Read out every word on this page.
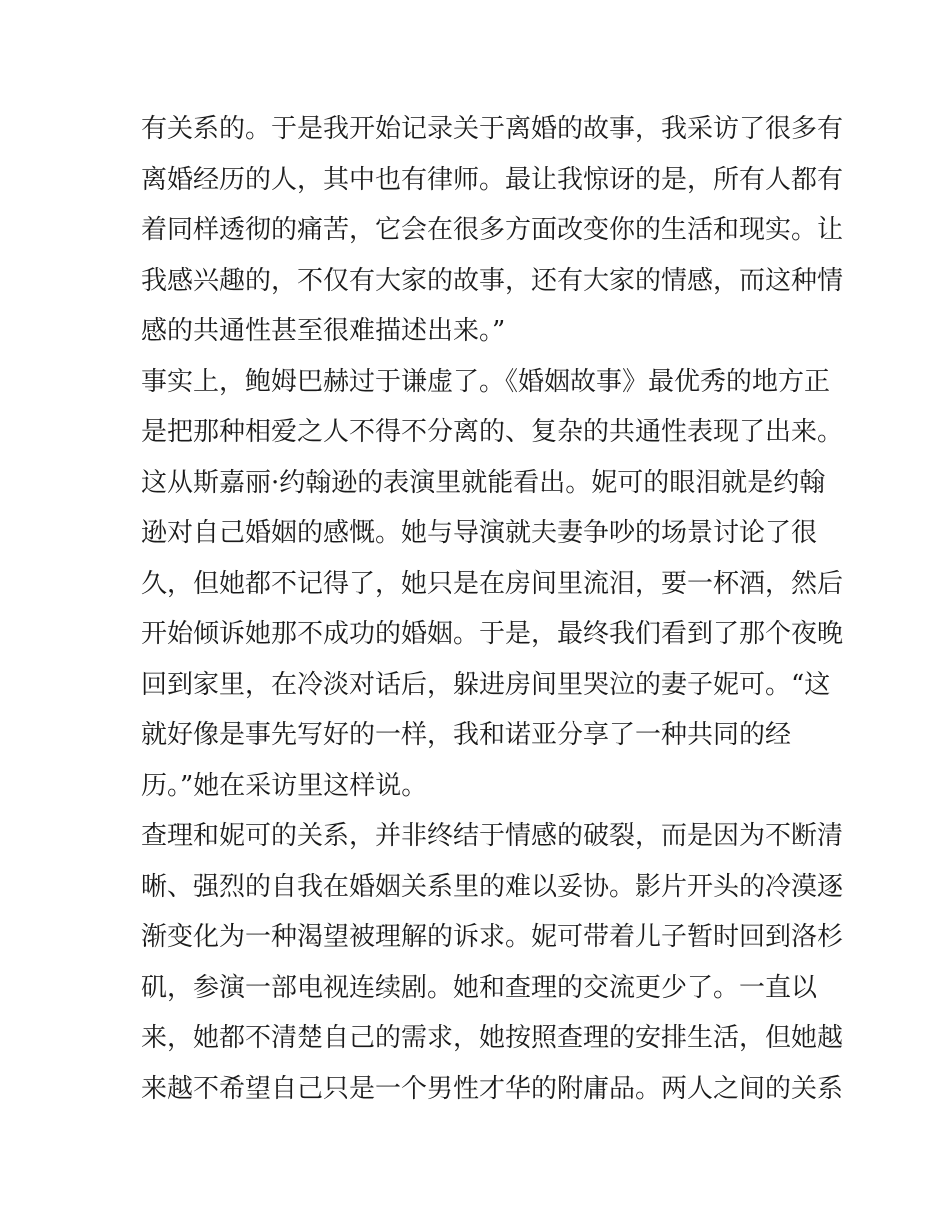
有关系的。于是我开始记录关于离婚的故事，我采访了很多有
离婚经历的人，其中也有律师。最让我惊讶的是，所有人都有
着同样透彻的痛苦，它会在很多方面改变你的生活和现实。让
我感兴趣的，不仅有大家的故事，还有大家的情感，而这种情
感的共通性甚至很难描述出来。”
事实上，鲍姆巴赫过于谦虚了。《婚姻故事》最优秀的地方正
是把那种相爱之人不得不分离的、复杂的共通性表现了出来。
这从斯嘉丽·约翰逊的表演里就能看出。妮可的眼泪就是约翰
逊对自己婚姻的感慨。她与导演就夫妻争吵的场景讨论了很
久，但她都不记得了，她只是在房间里流泪，要一杯酒，然后
开始倾诉她那不成功的婚姻。于是，最终我们看到了那个夜晚
回到家里，在冷淡对话后，躲进房间里哭泣的妻子妮可。“这
就好像是事先写好的一样，我和诺亚分享了一种共同的经
历。”她在采访里这样说。
查理和妮可的关系，并非终结于情感的破裂，而是因为不断清
晰、强烈的自我在婚姻关系里的难以妥协。影片开头的冷漠逐
渐变化为一种渴望被理解的诉求。妮可带着儿子暂时回到洛杉
矶，参演一部电视连续剧。她和查理的交流更少了。一直以
来，她都不清楚自己的需求，她按照查理的安排生活，但她越
来越不希望自己只是一个男性才华的附庸品。两人之间的关系
